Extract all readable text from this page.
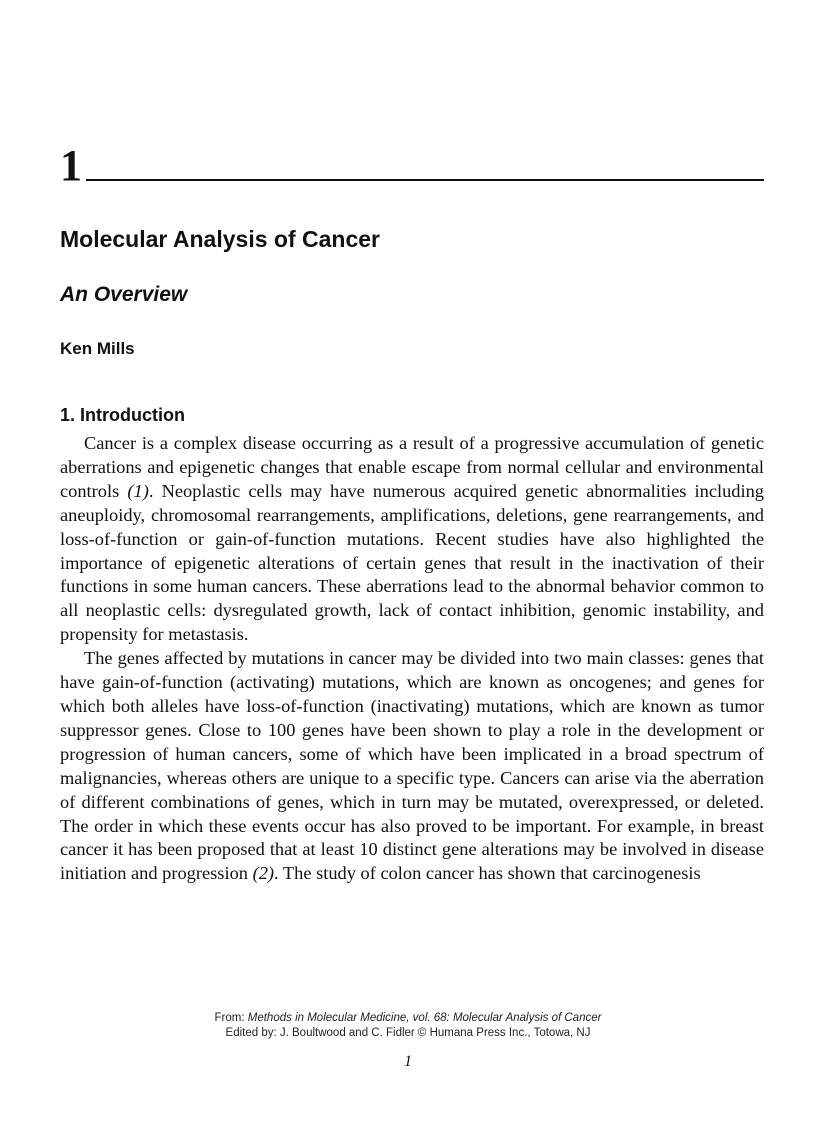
1
Molecular Analysis of Cancer
An Overview
Ken Mills
1. Introduction

Cancer is a complex disease occurring as a result of a progressive accumulation of genetic aberrations and epigenetic changes that enable escape from normal cellular and environmental controls (1). Neoplastic cells may have numerous acquired genetic abnormalities including aneuploidy, chromosomal rearrangements, amplifications, deletions, gene rearrangements, and loss-of-function or gain-of-function mutations. Recent studies have also highlighted the importance of epigenetic alterations of certain genes that result in the inactivation of their functions in some human cancers. These aberrations lead to the abnormal behavior common to all neoplastic cells: dysregulated growth, lack of contact inhibition, genomic instability, and propensity for metastasis.

The genes affected by mutations in cancer may be divided into two main classes: genes that have gain-of-function (activating) mutations, which are known as oncogenes; and genes for which both alleles have loss-of-function (inactivating) mutations, which are known as tumor suppressor genes. Close to 100 genes have been shown to play a role in the development or progression of human cancers, some of which have been implicated in a broad spectrum of malignancies, whereas others are unique to a specific type. Cancers can arise via the aberration of different combinations of genes, which in turn may be mutated, overexpressed, or deleted. The order in which these events occur has also proved to be important. For example, in breast cancer it has been proposed that at least 10 distinct gene alterations may be involved in disease initiation and progression (2). The study of colon cancer has shown that carcinogenesis

From: Methods in Molecular Medicine, vol. 68: Molecular Analysis of Cancer
Edited by: J. Boultwood and C. Fidler © Humana Press Inc., Totowa, NJ
1
